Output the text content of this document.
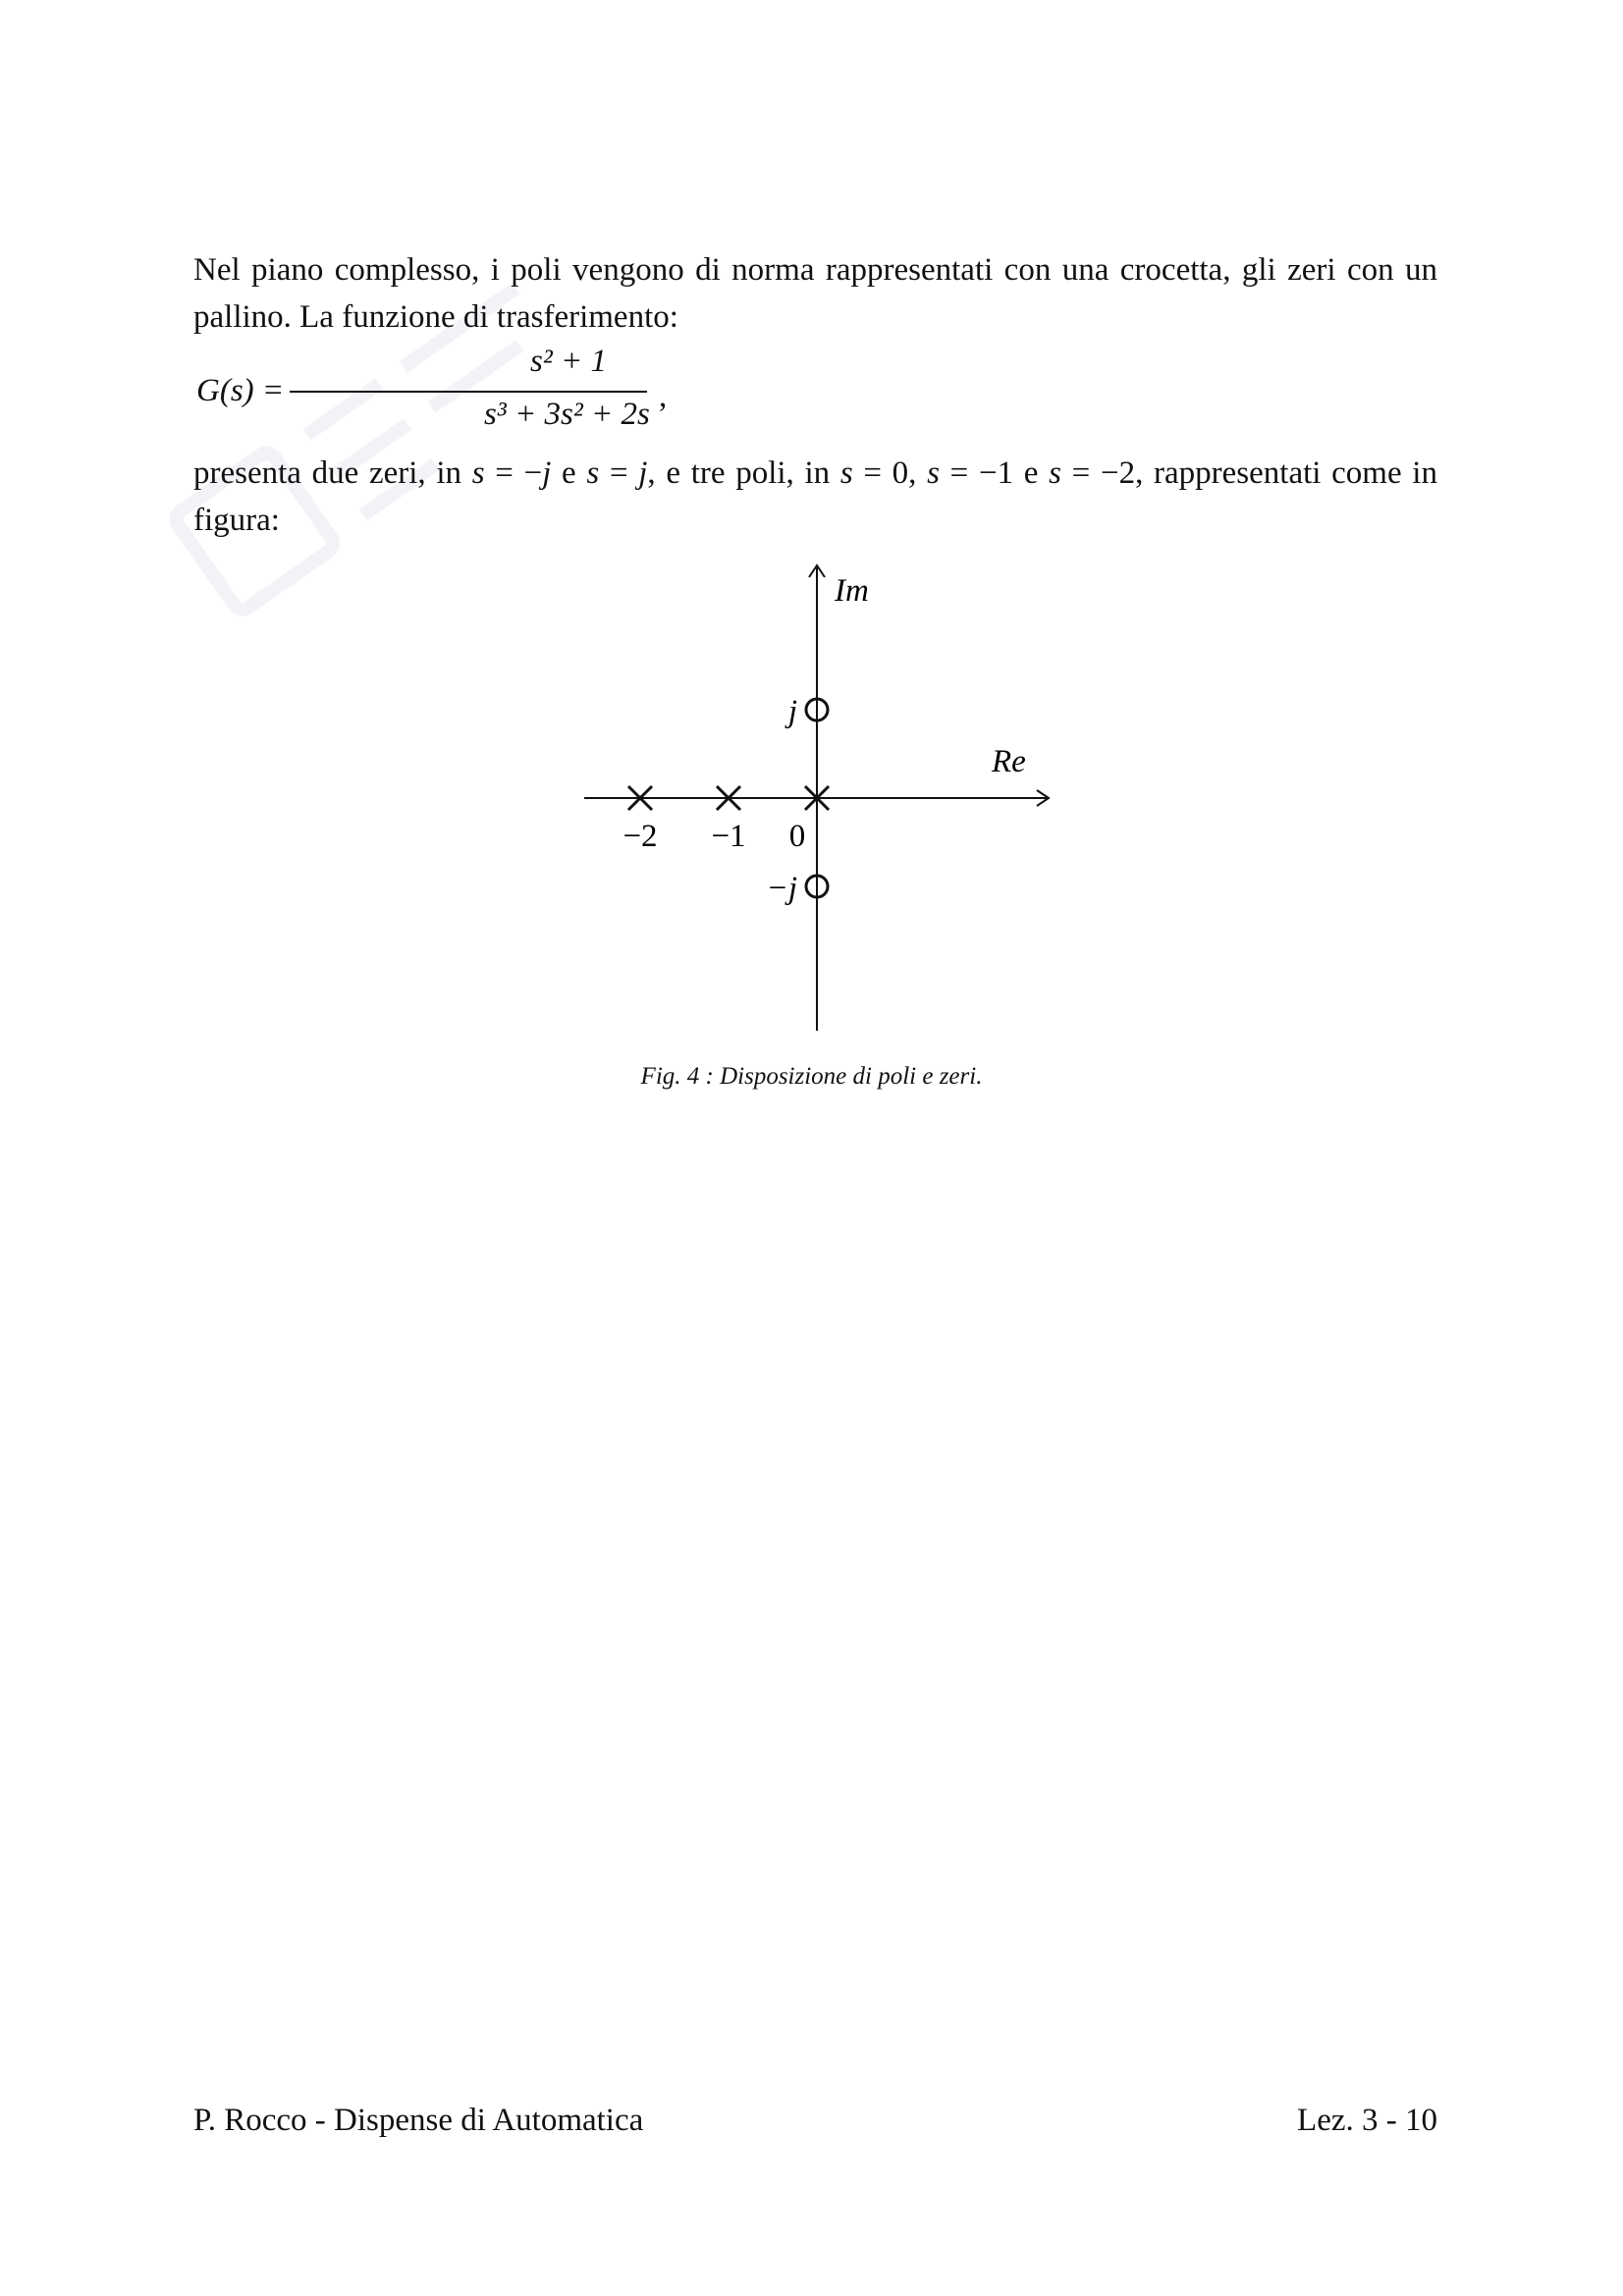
Nel piano complesso, i poli vengono di norma rappresentati con una crocetta, gli zeri con un pallino. La funzione di trasferimento:

G(s) =
s² + 1
s³ + 3s² + 2s ,

presenta due zeri, in s = −j e s = j, e tre poli, in s = 0, s = −1 e s = −2, rappresentati come in figura:

Im
Re
−2 −1 0
j
−j
Fig. 4 : Disposizione di poli e zeri.
P. Rocco - Dispense di Automatica	Lez. 3 - 10
